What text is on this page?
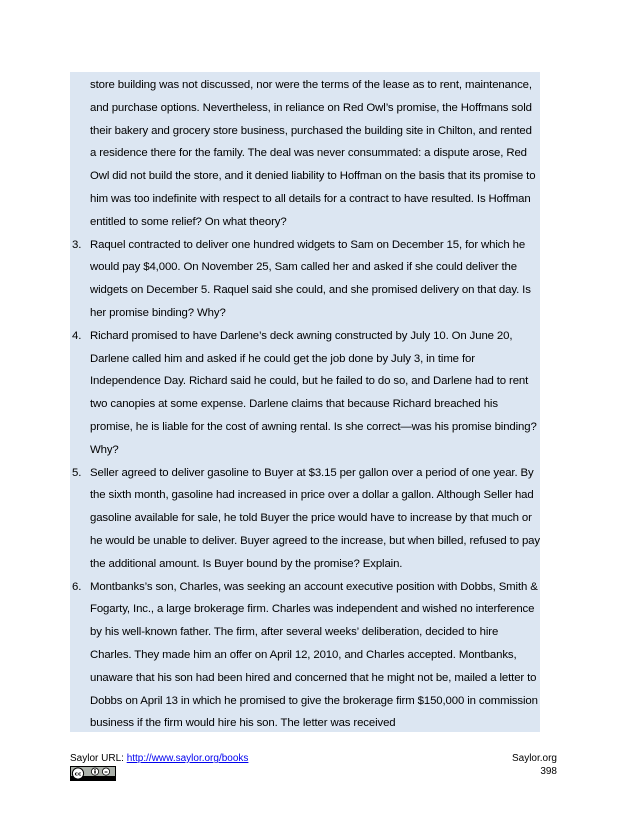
store building was not discussed, nor were the terms of the lease as to rent, maintenance, and purchase options. Nevertheless, in reliance on Red Owl’s promise, the Hoffmans sold their bakery and grocery store business, purchased the building site in Chilton, and rented a residence there for the family. The deal was never consummated: a dispute arose, Red Owl did not build the store, and it denied liability to Hoffman on the basis that its promise to him was too indefinite with respect to all details for a contract to have resulted. Is Hoffman entitled to some relief? On what theory?

3. Raquel contracted to deliver one hundred widgets to Sam on December 15, for which he would pay $4,000. On November 25, Sam called her and asked if she could deliver the widgets on December 5. Raquel said she could, and she promised delivery on that day. Is her promise binding? Why?
4. Richard promised to have Darlene’s deck awning constructed by July 10. On June 20, Darlene called him and asked if he could get the job done by July 3, in time for Independence Day. Richard said he could, but he failed to do so, and Darlene had to rent two canopies at some expense. Darlene claims that because Richard breached his promise, he is liable for the cost of awning rental. Is she correct—was his promise binding? Why?
5. Seller agreed to deliver gasoline to Buyer at $3.15 per gallon over a period of one year. By the sixth month, gasoline had increased in price over a dollar a gallon. Although Seller had gasoline available for sale, he told Buyer the price would have to increase by that much or he would be unable to deliver. Buyer agreed to the increase, but when billed, refused to pay the additional amount. Is Buyer bound by the promise? Explain.
6. Montbanks’s son, Charles, was seeking an account executive position with Dobbs, Smith & Fogarty, Inc., a large brokerage firm. Charles was independent and wished no interference by his well-known father. The firm, after several weeks’ deliberation, decided to hire Charles. They made him an offer on April 12, 2010, and Charles accepted. Montbanks, unaware that his son had been hired and concerned that he might not be, mailed a letter to Dobbs on April 13 in which he promised to give the brokerage firm $150,000 in commission business if the firm would hire his son. The letter was received
Saylor URL: http://www.saylor.org/books
cc	=
Saylor.org
398
